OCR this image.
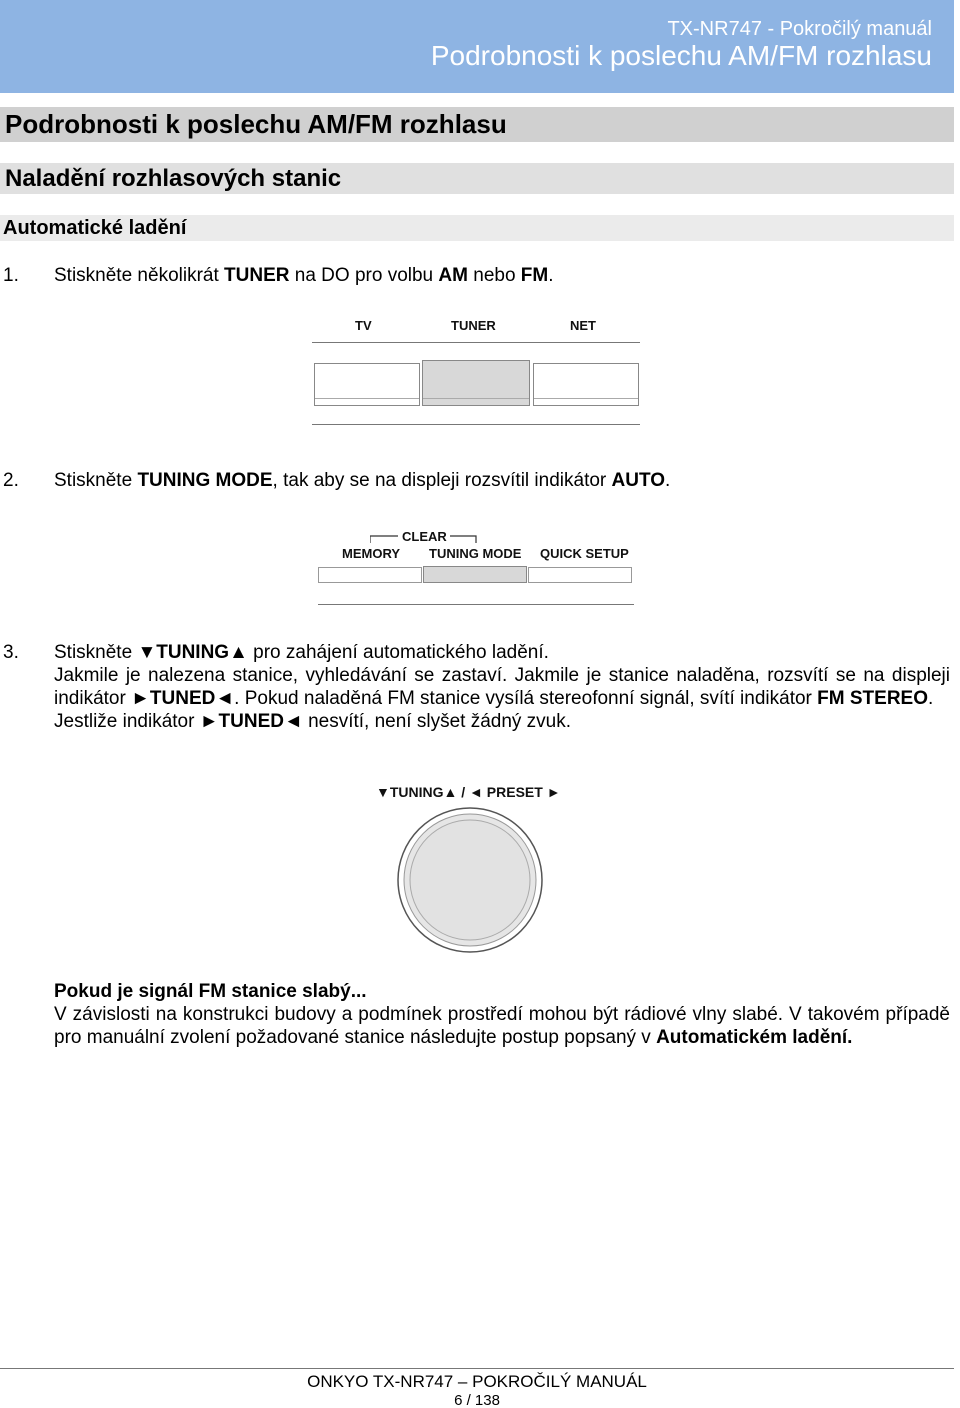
TX-NR747 - Pokročilý manuál
Podrobnosti k poslechu AM/FM rozhlasu
Podrobnosti k poslechu AM/FM rozhlasu
Naladění rozhlasových stanic
Automatické ladění
1. Stiskněte několikrát TUNER na DO pro volbu AM nebo FM.
TV	TUNER	NET
2. Stiskněte TUNING MODE, tak aby se na displeji rozsvítil indikátor AUTO.
CLEAR
MEMORY TUNING MODE QUICK SETUP
3. Stiskněte ▼TUNING▲ pro zahájení automatického ladění.
Jakmile je nalezena stanice, vyhledávání se zastaví. Jakmile je stanice naladěna, rozsvítí se na displeji indikátor ►TUNED◄. Pokud naladěná FM stanice vysílá stereofonní signál, svítí indikátor FM STEREO.
Jestliže indikátor ►TUNED◄ nesvítí, není slyšet žádný zvuk.
▼TUNING▲ / ◄ PRESET ►
Pokud je signál FM stanice slabý...
V závislosti na konstrukci budovy a podmínek prostředí mohou být rádiové vlny slabé. V takovém případě pro manuální zvolení požadované stanice následujte postup popsaný v Automatickém ladění.
ONKYO TX-NR747 – POKROČILÝ MANUÁL
6 / 138
